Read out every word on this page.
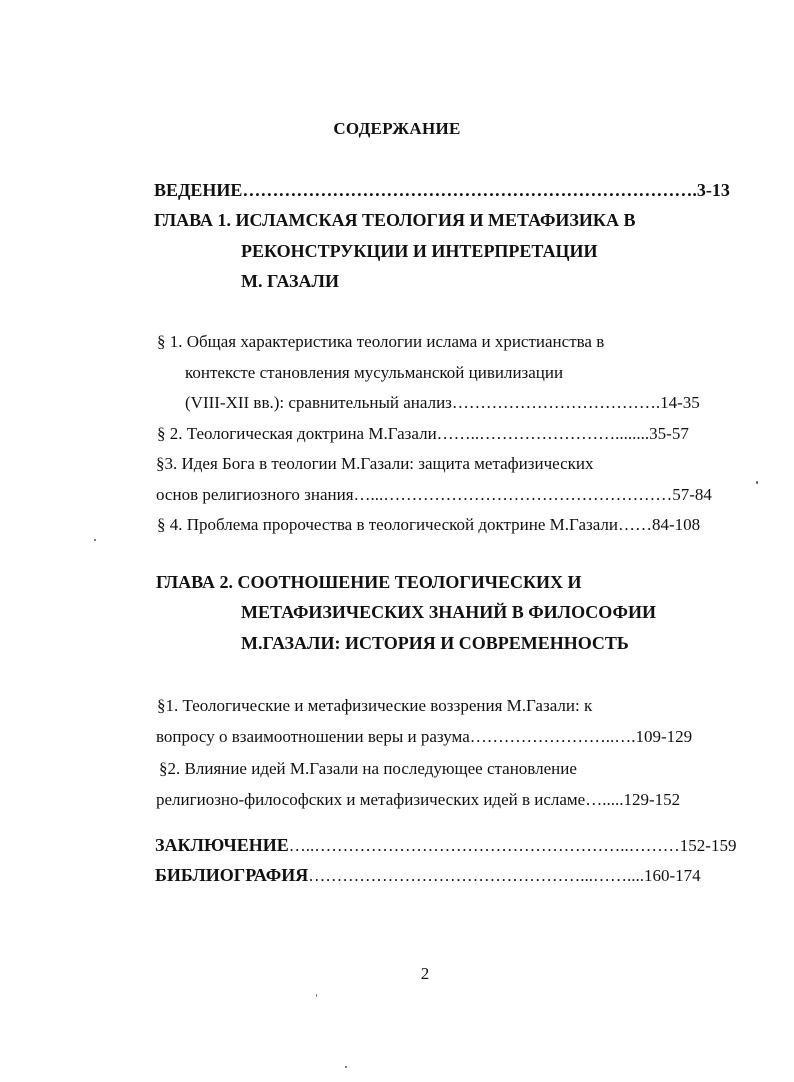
СОДЕРЖАНИЕ
ВЕДЕНИЕ………………………………………………………………….3-13
ГЛАВА 1. ИСЛАМСКАЯ ТЕОЛОГИЯ И МЕТАФИЗИКА В
РЕКОНСТРУКЦИИ И ИНТЕРПРЕТАЦИИ
М. ГАЗАЛИ
§ 1. Общая характеристика теологии ислама и христианства в
контексте становления мусульманской цивилизации
(VIII-XII вв.): сравнительный анализ……………………………….14-35
§ 2. Теологическая доктрина М.Газали……..……………………........35-57
§3. Идея Бога в теологии М.Газали: защита метафизических
основ религиозного знания…...……………………………………………57-84
§ 4. Проблема пророчества в теологической доктрине М.Газали……84-108
ГЛАВА 2. СООТНОШЕНИЕ ТЕОЛОГИЧЕСКИХ И
МЕТАФИЗИЧЕСКИХ ЗНАНИЙ В ФИЛОСОФИИ
М.ГАЗАЛИ: ИСТОРИЯ И СОВРЕМЕННОСТЬ
§1. Теологические и метафизические воззрения М.Газали: к
вопросу о взаимоотношении веры и разума……………………..….109-129
§2. Влияние идей М.Газали на последующее становление
религиозно-философских и метафизических идей в исламе….....129-152
ЗАКЛЮЧЕНИЕ…..………………………………………………..………152-159
БИБЛИОГРАФИЯ…………………………………………...……....160-174
2
